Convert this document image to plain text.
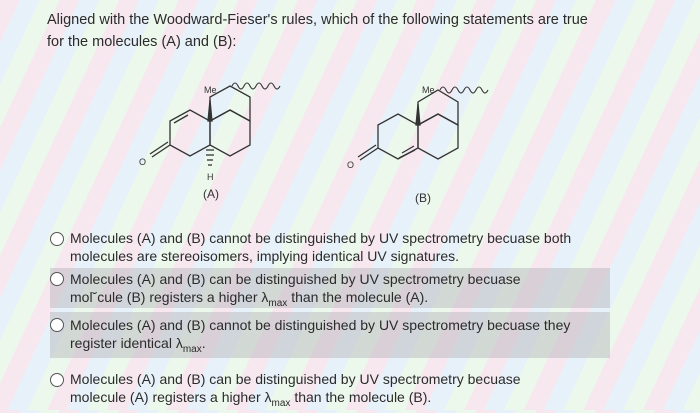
Aligned with the Woodward-Fieser's rules, which of the following statements are true for the molecules (A) and (B):
Me
H
O
(A)
Me
O
(B)
Molecules (A) and (B) cannot be distinguished by UV spectrometry becuase both
molecules are stereoisomers, implying identical UV signatures.
Molecules (A) and (B) can be distinguished by UV spectrometry becuase
mol˘cule (B) registers a higher $\lambda_{max}$ than the molecule (A).
Molecules (A) and (B) cannot be distinguished by UV spectrometry becuase they
register identical $\lambda_{max}$.
Molecules (A) and (B) can be distinguished by UV spectrometry becuase
molecule (A) registers a higher $\lambda_{max}$ than the molecule (B).
